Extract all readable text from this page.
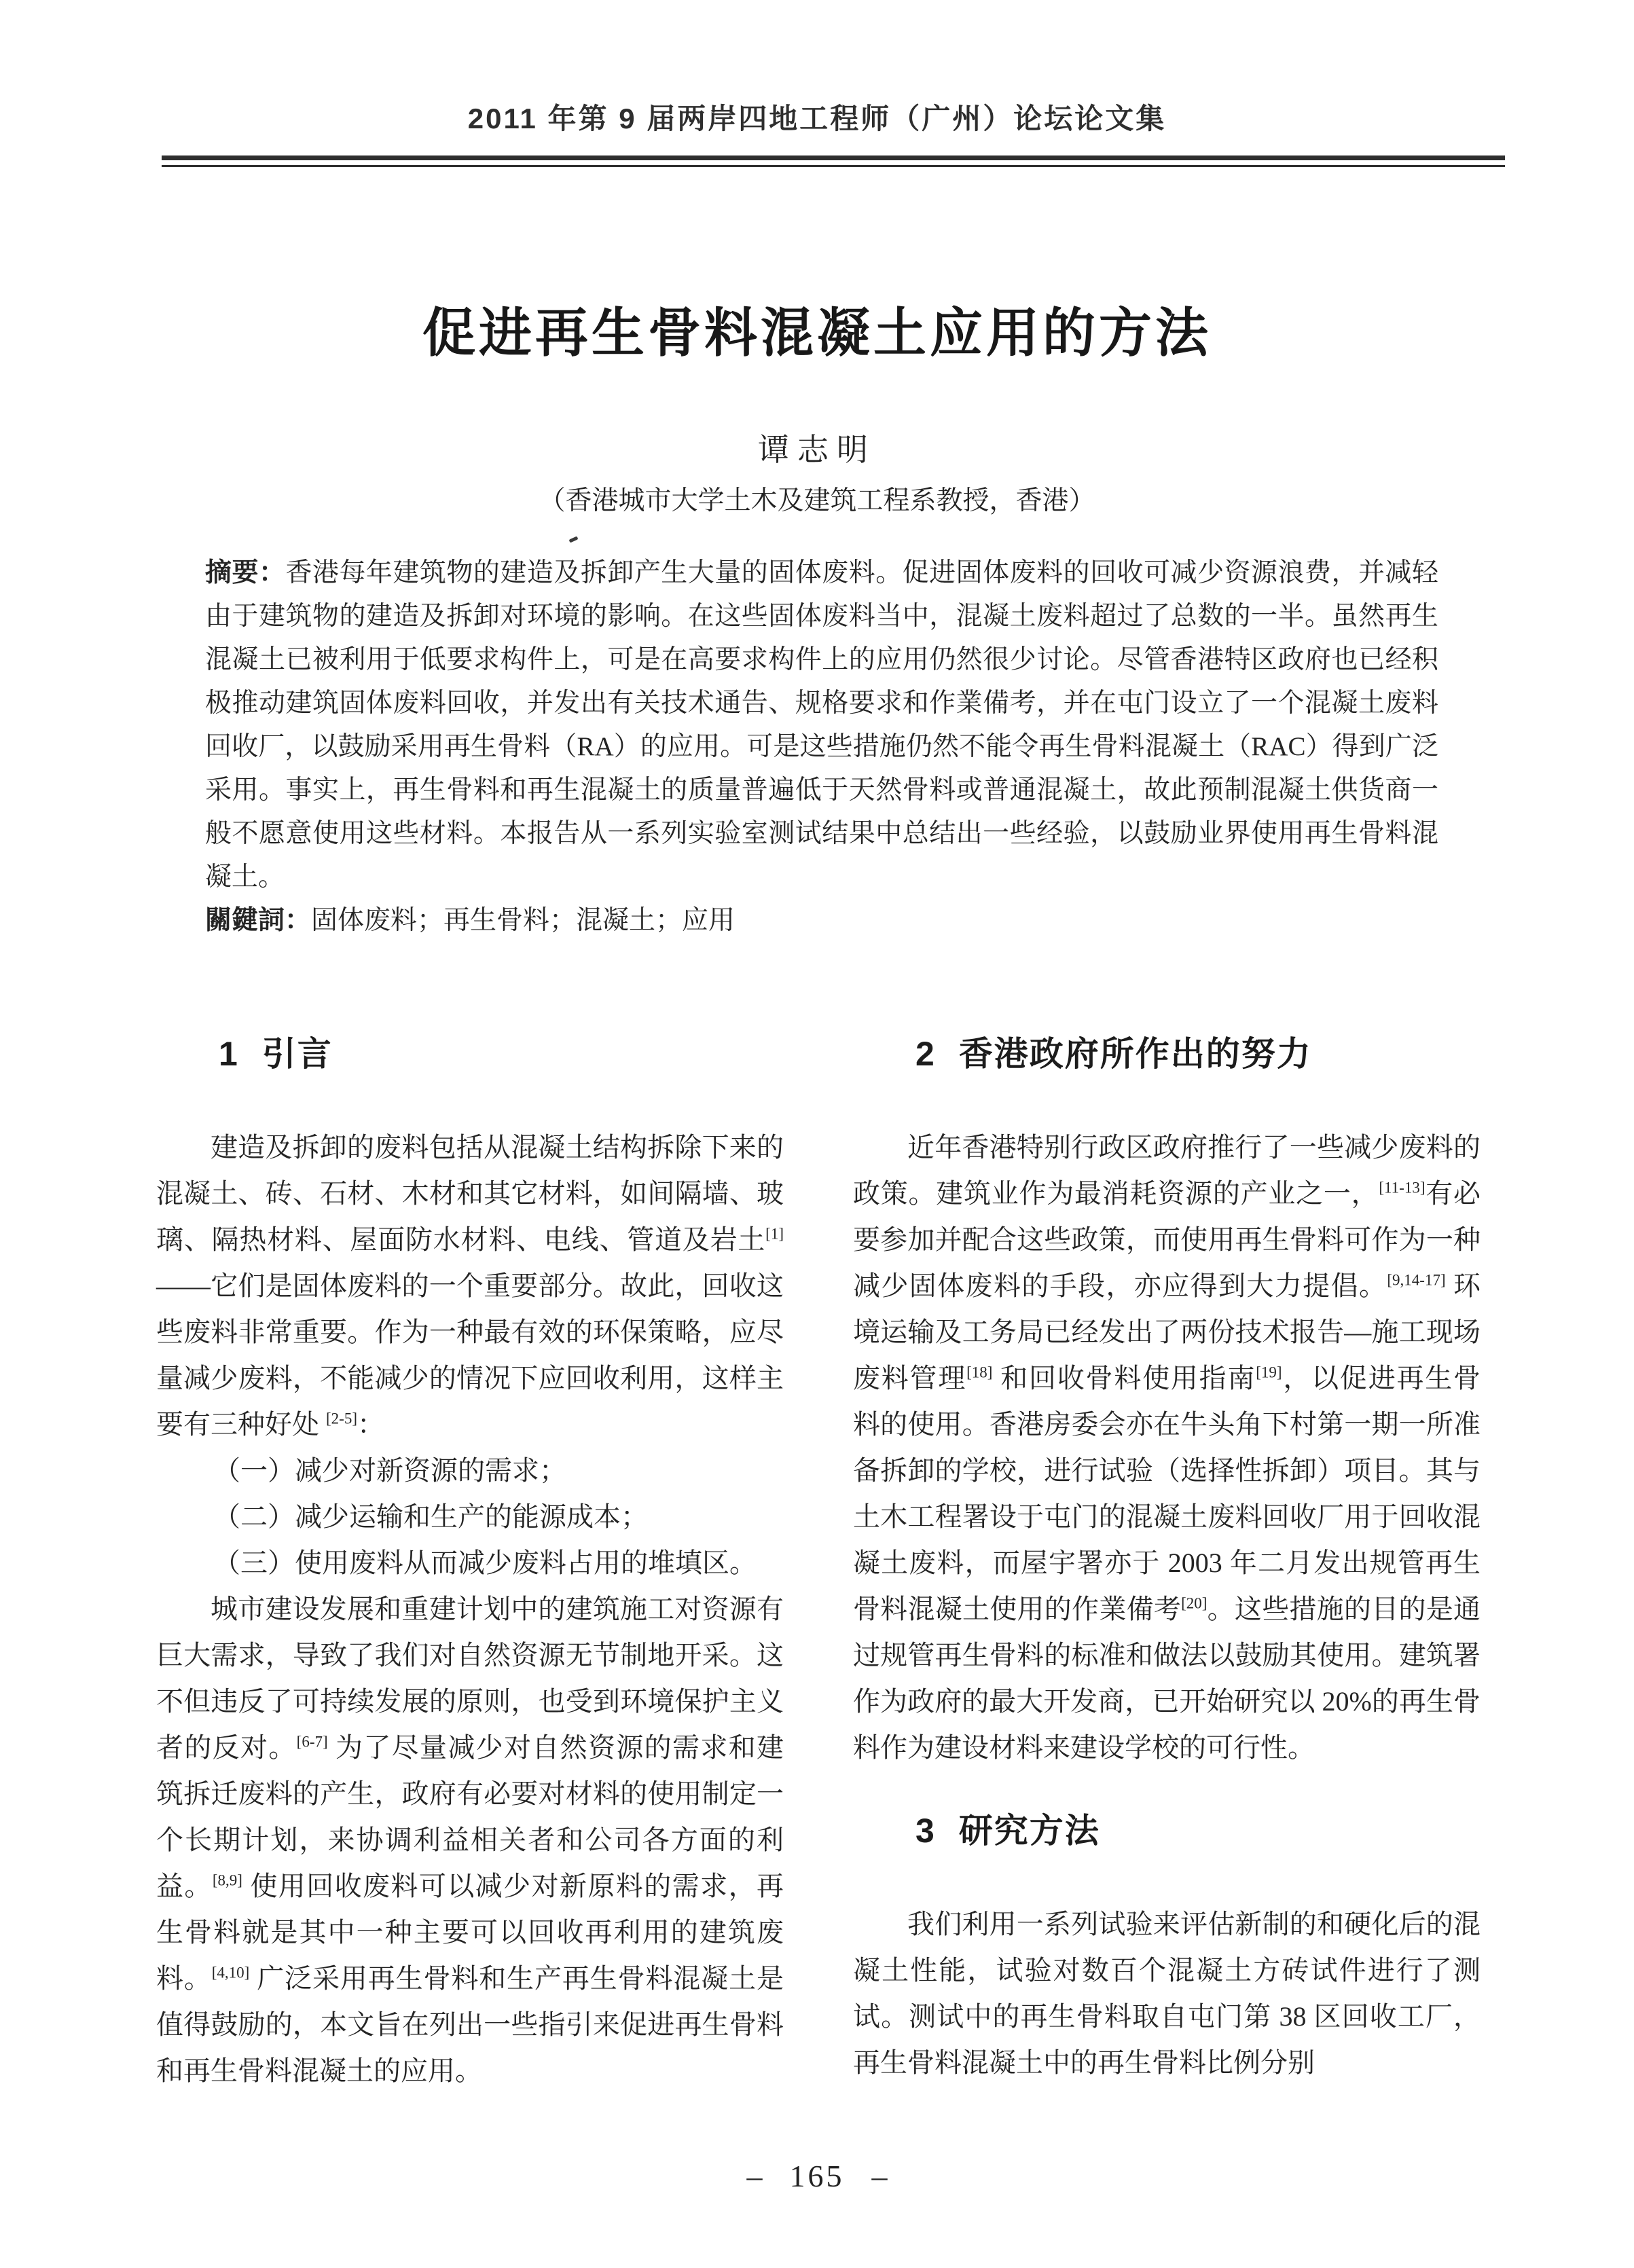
2011 年第 9 届两岸四地工程师（广州）论坛论文集
促进再生骨料混凝土应用的方法
谭志明
（香港城市大学土木及建筑工程系教授，香港）

摘要：香港每年建筑物的建造及拆卸产生大量的固体废料。促进固体废料的回收可减少资源浪费，并减轻由于建筑物的建造及拆卸对环境的影响。在这些固体废料当中，混凝土废料超过了总数的一半。虽然再生混凝土已被利用于低要求构件上，可是在高要求构件上的应用仍然很少讨论。尽管香港特区政府也已经积极推动建筑固体废料回收，并发出有关技术通告、规格要求和作業備考，并在屯门设立了一个混凝土废料回收厂，以鼓励采用再生骨料（RA）的应用。可是这些措施仍然不能令再生骨料混凝土（RAC）得到广泛采用。事实上，再生骨料和再生混凝土的质量普遍低于天然骨料或普通混凝土，故此预制混凝土供货商一般不愿意使用这些材料。本报告从一系列实验室测试结果中总结出一些经验，以鼓励业界使用再生骨料混凝土。

關鍵詞：固体废料；再生骨料；混凝土；应用

1 引言

建造及拆卸的废料包括从混凝土结构拆除下来的混凝土、砖、石材、木材和其它材料，如间隔墙、玻璃、隔热材料、屋面防水材料、电线、管道及岩土[1]——它们是固体废料的一个重要部分。故此，回收这些废料非常重要。作为一种最有效的环保策略，应尽量减少废料，不能减少的情况下应回收利用，这样主要有三种好处 [2-5]：

（一）减少对新资源的需求；
（二）减少运输和生产的能源成本；
（三）使用废料从而减少废料占用的堆填区。

城市建设发展和重建计划中的建筑施工对资源有巨大需求，导致了我们对自然资源无节制地开采。这不但违反了可持续发展的原则，也受到环境保护主义者的反对。[6-7] 为了尽量减少对自然资源的需求和建筑拆迁废料的产生，政府有必要对材料的使用制定一个长期计划，来协调利益相关者和公司各方面的利益。[8,9] 使用回收废料可以减少对新原料的需求，再生骨料就是其中一种主要可以回收再利用的建筑废料。[4,10] 广泛采用再生骨料和生产再生骨料混凝土是值得鼓励的，本文旨在列出一些指引来促进再生骨料和再生骨料混凝土的应用。

2 香港政府所作出的努力

近年香港特别行政区政府推行了一些减少废料的政策。建筑业作为最消耗资源的产业之一，[11-13]有必要参加并配合这些政策，而使用再生骨料可作为一种减少固体废料的手段，亦应得到大力提倡。[9,14-17] 环境运输及工务局已经发出了两份技术报告—施工现场废料管理[18] 和回收骨料使用指南[19]，以促进再生骨料的使用。香港房委会亦在牛头角下村第一期一所准备拆卸的学校，进行试验（选择性拆卸）项目。其与土木工程署设于屯门的混凝土废料回收厂用于回收混凝土废料，而屋宇署亦于 2003 年二月发出规管再生骨料混凝土使用的作業備考[20]。这些措施的目的是通过规管再生骨料的标准和做法以鼓励其使用。建筑署作为政府的最大开发商，已开始研究以 20%的再生骨料作为建设材料来建设学校的可行性。

3 研究方法

我们利用一系列试验来评估新制的和硬化后的混凝土性能，试验对数百个混凝土方砖试件进行了测试。测试中的再生骨料取自屯门第 38 区回收工厂，再生骨料混凝土中的再生骨料比例分别

– 165 –
